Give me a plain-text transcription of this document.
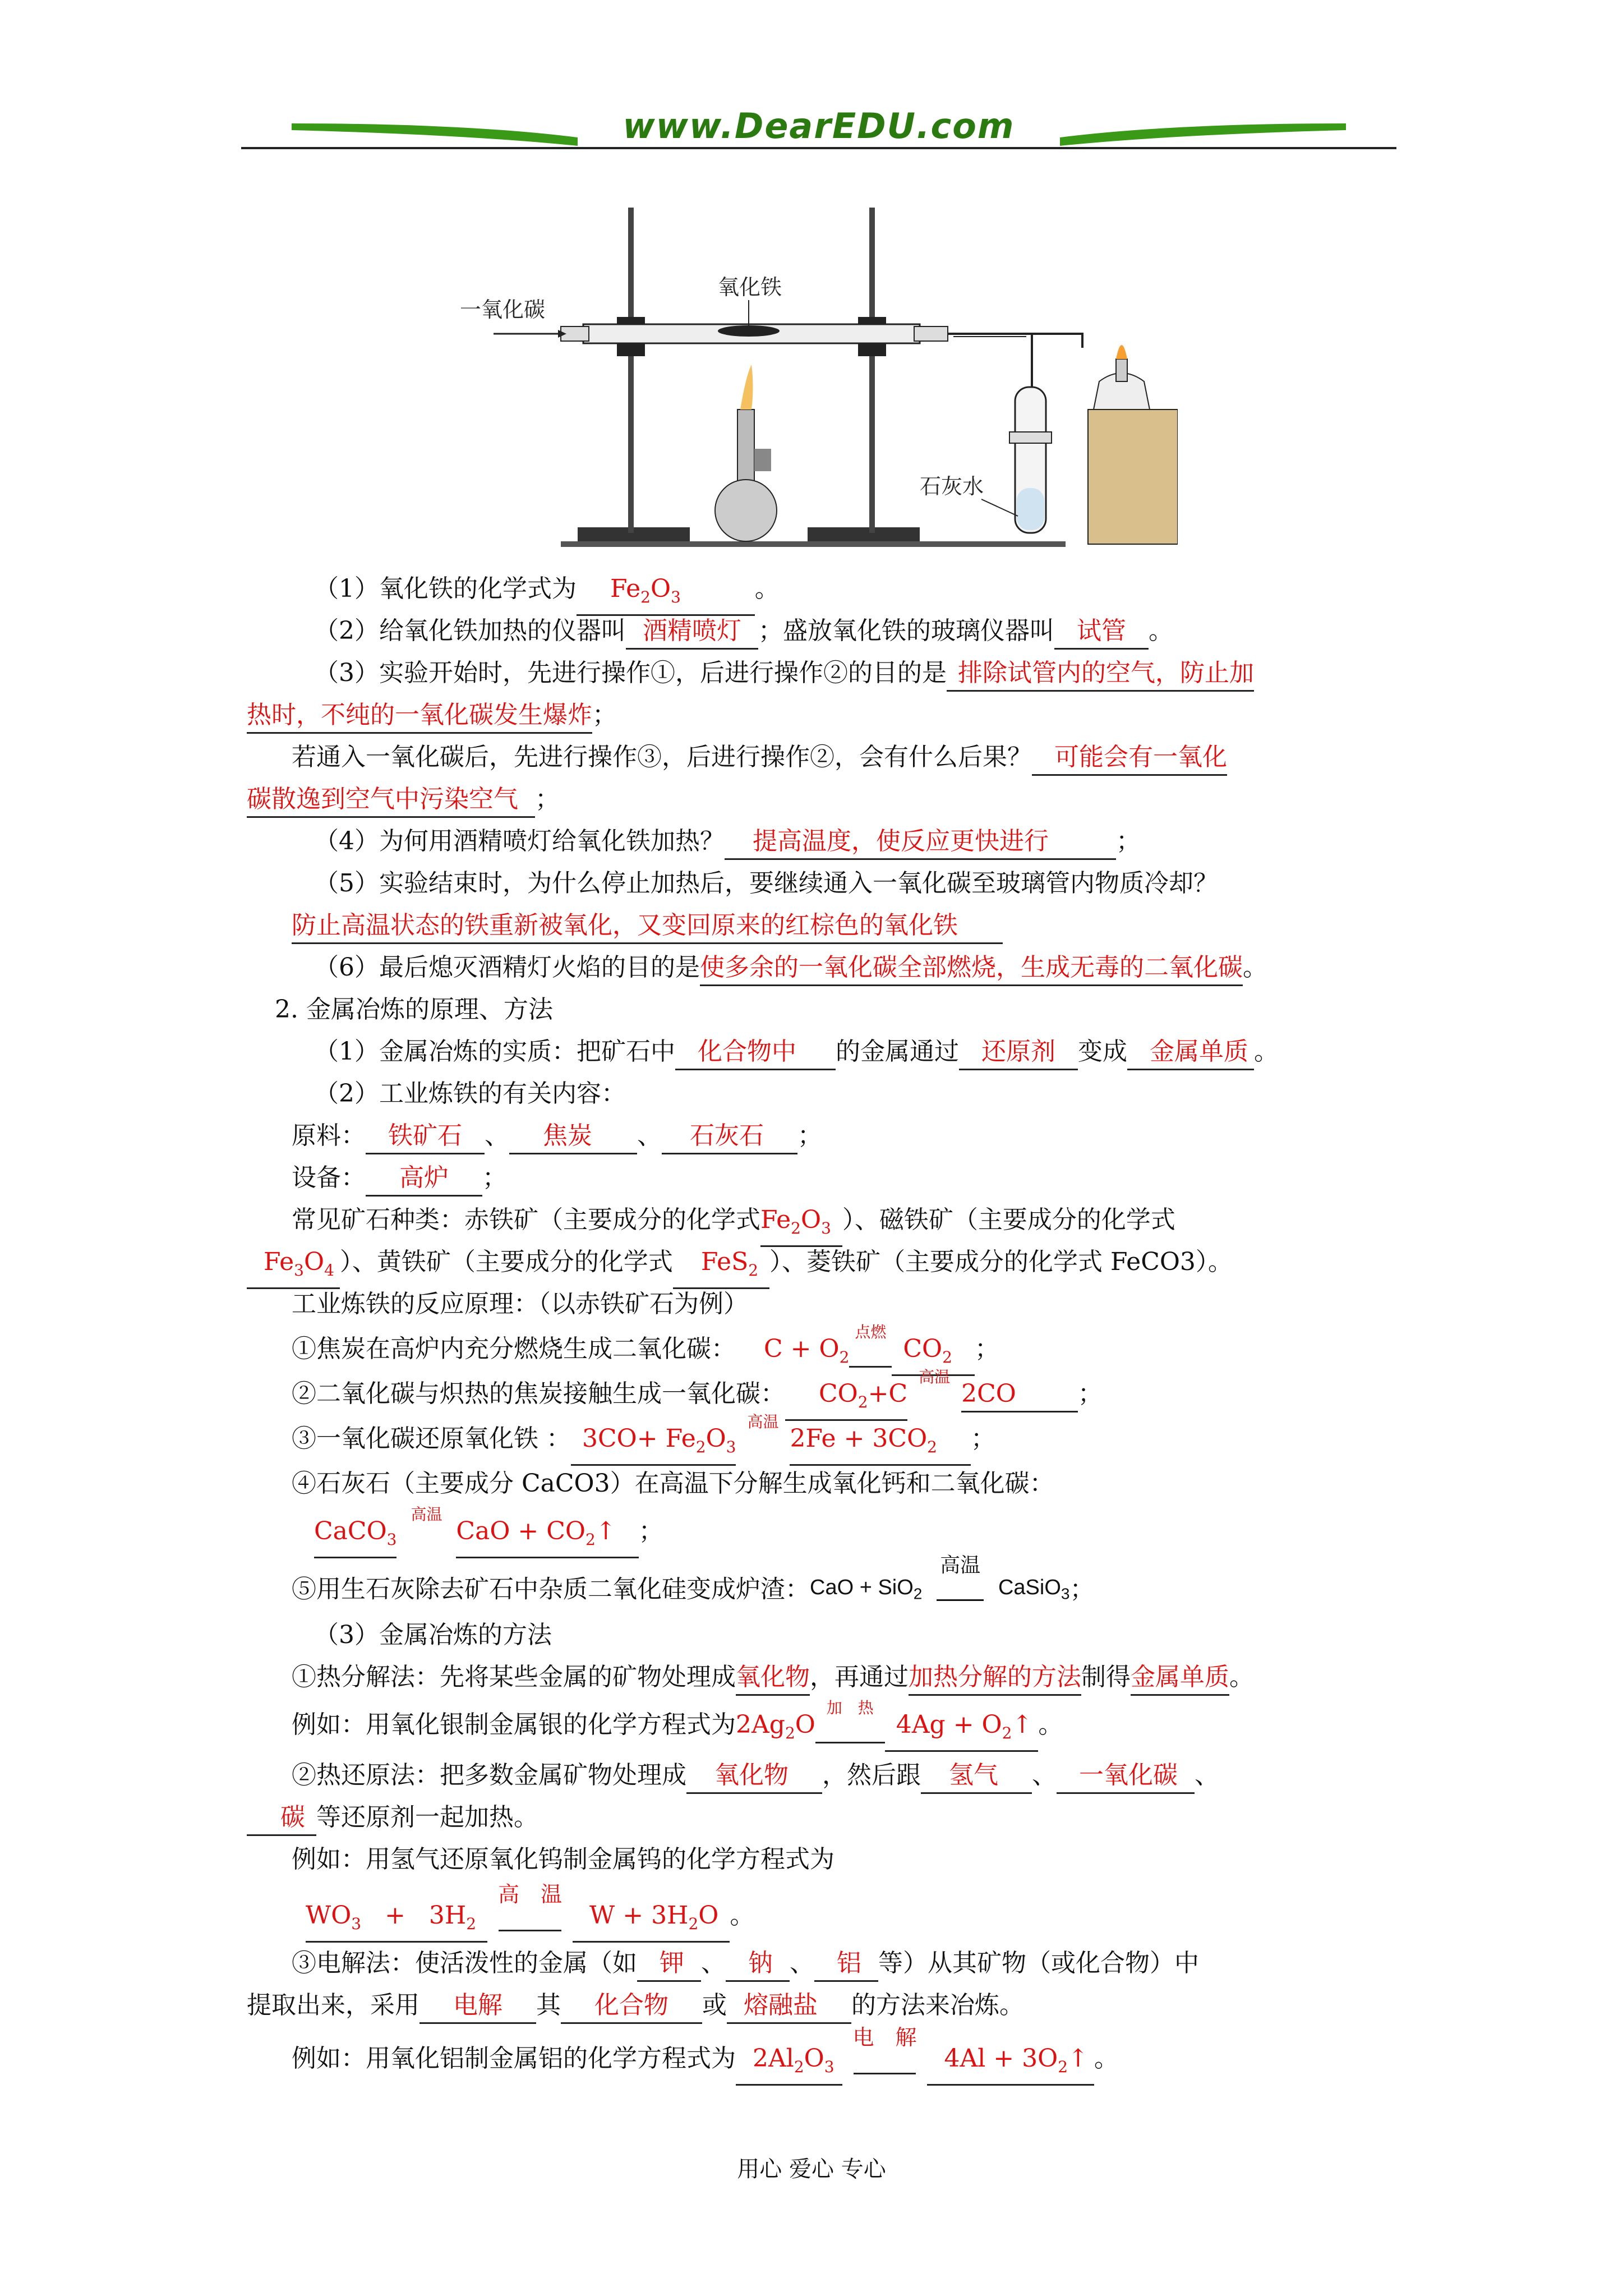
www.DearEDU.com
一氧化碳
氧化铁
石灰水
（1）氧化铁的化学式为 $Fe_2O_3$	。
（2）给氧化铁加热的仪器叫 酒精喷灯 ；盛放氧化铁的玻璃仪器叫 试管 。
（3）实验开始时，先进行操作①，后进行操作②的目的是 排除试管内的空气，防止加
热时，不纯的一氧化碳发生爆炸；
若通入一氧化碳后，先进行操作③，后进行操作②，会有什么后果？ 可能会有一氧化
碳散逸到空气中污染空气 ；
（4）为何用酒精喷灯给氧化铁加热？ 提高温度，使反应更快进行	；
（5）实验结束时，为什么停止加热后，要继续通入一氧化碳至玻璃管内物质冷却？
防止高温状态的铁重新被氧化，又变回原来的红棕色的氧化铁
（6）最后熄灭酒精灯火焰的目的是使多余的一氧化碳全部燃烧，生成无毒的二氧化碳。
2. 金属冶炼的原理、方法
（1）金属冶炼的实质：把矿石中 化合物中 的金属通过 还原剂 变成 金属单质 。
（2）工业炼铁的有关内容：
原料： 铁矿石 、 焦炭 、 石灰石 ；
设备： 高炉 ；
常见矿石种类：赤铁矿（主要成分的化学式$Fe_2O_3$ ）、磁铁矿（主要成分的化学式
$Fe_3O_4$ ）、黄铁矿（主要成分的化学式 FeS$_2$ ）、菱铁矿（主要成分的化学式 FeCO3）。
工业炼铁的反应原理：（以赤铁矿石为例）
①焦炭在高炉内充分燃烧生成二氧化碳： $C + O_2$
点燃
$CO_2$ ；
②二氧化碳与炽热的焦炭接触生成一氧化碳： $CO_2+C$
高温
2CO	；
③一氧化碳还原氧化铁 ： $3CO+ Fe_2O_3$
高温
$2Fe + 3CO_2$ ；
④石灰石（主要成分 CaCO3）在高温下分解生成氧化钙和二氧化碳：
CaCO$_3$
高温
CaO + $CO_2↑$ ；
⑤用生石灰除去矿石中杂质二氧化硅变成炉渣：CaO + SiO$_2$
高温
CaSiO$_3$；
（3）金属冶炼的方法
①热分解法：先将某些金属的矿物处理成氧化物，再通过加热分解的方法制得金属单质。
例如：用氧化银制金属银的化学方程式为$2Ag_2O$
加　热
$4Ag + O_2↑$ 。
②热还原法：把多数金属矿物处理成 氧化物 ，然后跟 氢气 、 一氧化碳 、
碳 等还原剂一起加热。
例如：用氢气还原氧化钨制金属钨的化学方程式为
$WO_3 + 3H_2$
高　温
$W + 3H_2O$ 。
③电解法：使活泼性的金属（如 钾 、 钠 、 铝 等）从其矿物（或化合物）中
提取出来，采用 电解 其 化合物 或 熔融盐 的方法来冶炼。
例如：用氧化铝制金属铝的化学方程式为 $2Al_2O_3$
电　解
$4Al + 3O_2↑$ 。
用心 爱心 专心
